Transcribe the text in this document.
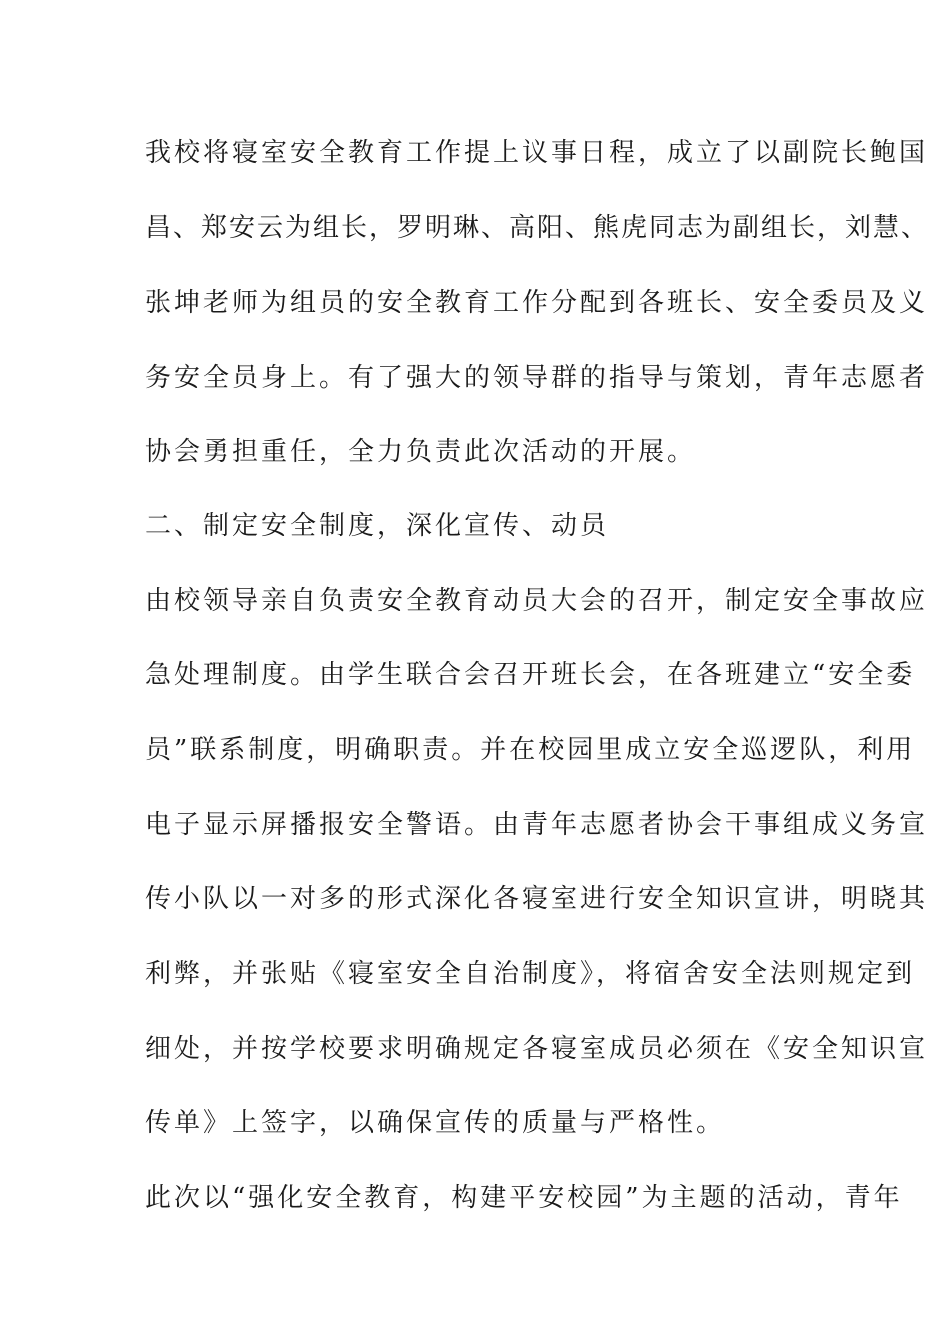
我校将寝室安全教育工作提上议事日程，成立了以副院长鲍国
昌、郑安云为组长，罗明琳、高阳、熊虎同志为副组长，刘慧、
张坤老师为组员的安全教育工作分配到各班长、安全委员及义
务安全员身上。有了强大的领导群的指导与策划，青年志愿者
协会勇担重任，全力负责此次活动的开展。
二、制定安全制度，深化宣传、动员
由校领导亲自负责安全教育动员大会的召开，制定安全事故应
急处理制度。由学生联合会召开班长会，在各班建立“安全委
员”联系制度，明确职责。并在校园里成立安全巡逻队，利用
电子显示屏播报安全警语。由青年志愿者协会干事组成义务宣
传小队以一对多的形式深化各寝室进行安全知识宣讲，明晓其
利弊，并张贴《寝室安全自治制度》，将宿舍安全法则规定到
细处，并按学校要求明确规定各寝室成员必须在《安全知识宣
传单》上签字，以确保宣传的质量与严格性。
此次以“强化安全教育，构建平安校园”为主题的活动，青年
